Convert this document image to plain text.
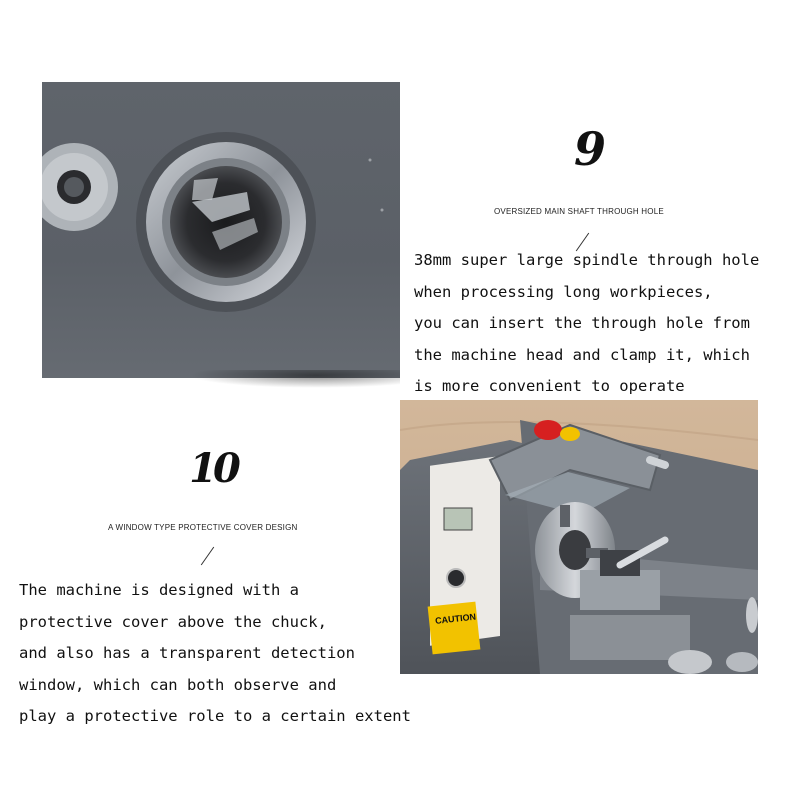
9
OVERSIZED MAIN SHAFT THROUGH HOLE
38mm super large spindle through hole
when processing long workpieces,
you can insert the through hole from
the machine head and clamp it, which
is more convenient to operate
10
A WINDOW TYPE PROTECTIVE COVER DESIGN
The machine is designed with a
protective cover above the chuck,
and also has a transparent detection
window, which can both observe and
play a protective role to a certain extent
CAUTION
